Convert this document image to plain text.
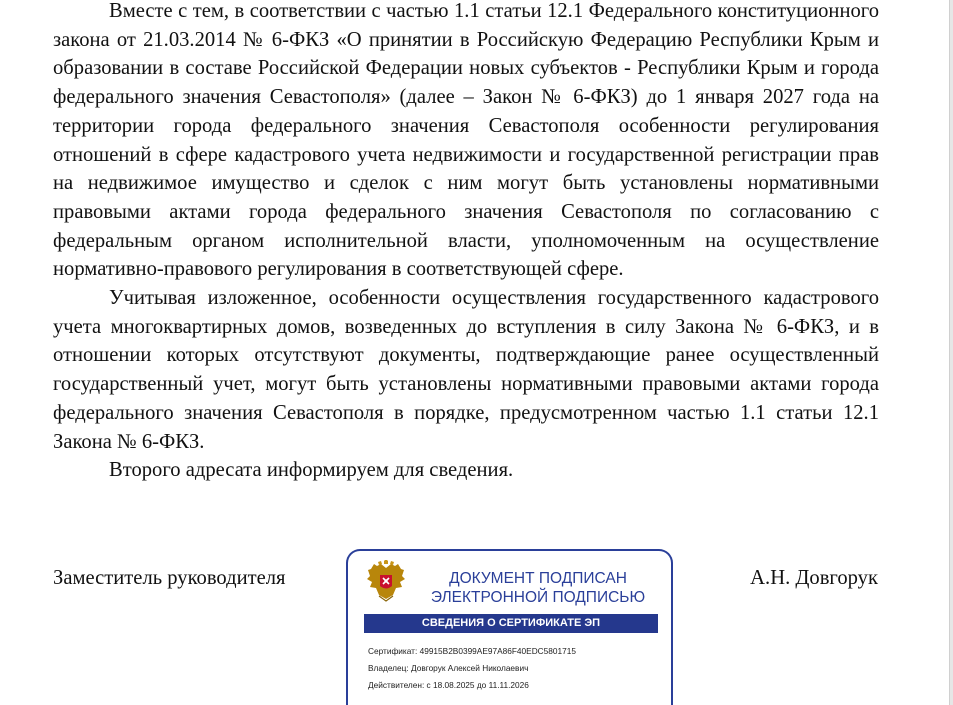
Вместе с тем, в соответствии с частью 1.1 статьи 12.1 Федерального конституционного закона от 21.03.2014 № 6-ФКЗ «О принятии в Российскую Федерацию Республики Крым и образовании в составе Российской Федерации новых субъектов - Республики Крым и города федерального значения Севастополя» (далее – Закон № 6-ФКЗ) до 1 января 2027 года на территории города федерального значения Севастополя особенности регулирования отношений в сфере кадастрового учета недвижимости и государственной регистрации прав на недвижимое имущество и сделок с ним могут быть установлены нормативными правовыми актами города федерального значения Севастополя по согласованию с федеральным органом исполнительной власти, уполномоченным на осуществление нормативно-правового регулирования в соответствующей сфере.

Учитывая изложенное, особенности осуществления государственного кадастрового учета многоквартирных домов, возведенных до вступления в силу Закона № 6-ФКЗ, и в отношении которых отсутствуют документы, подтверждающие ранее осуществленный государственный учет, могут быть установлены нормативными правовыми актами города федерального значения Севастополя в порядке, предусмотренном частью 1.1 статьи 12.1 Закона № 6-ФКЗ.

Второго адресата информируем для сведения.

Заместитель руководителя	А.Н. Довгорук
ДОКУМЕНТ ПОДПИСАН
ЭЛЕКТРОННОЙ ПОДПИСЬЮ
СВЕДЕНИЯ О СЕРТИФИКАТЕ ЭП
Сертификат: 49915B2B0399AE97A86F40EDC5801715
Владелец: Довгорук Алексей Николаевич
Действителен: с 18.08.2025 до 11.11.2026
